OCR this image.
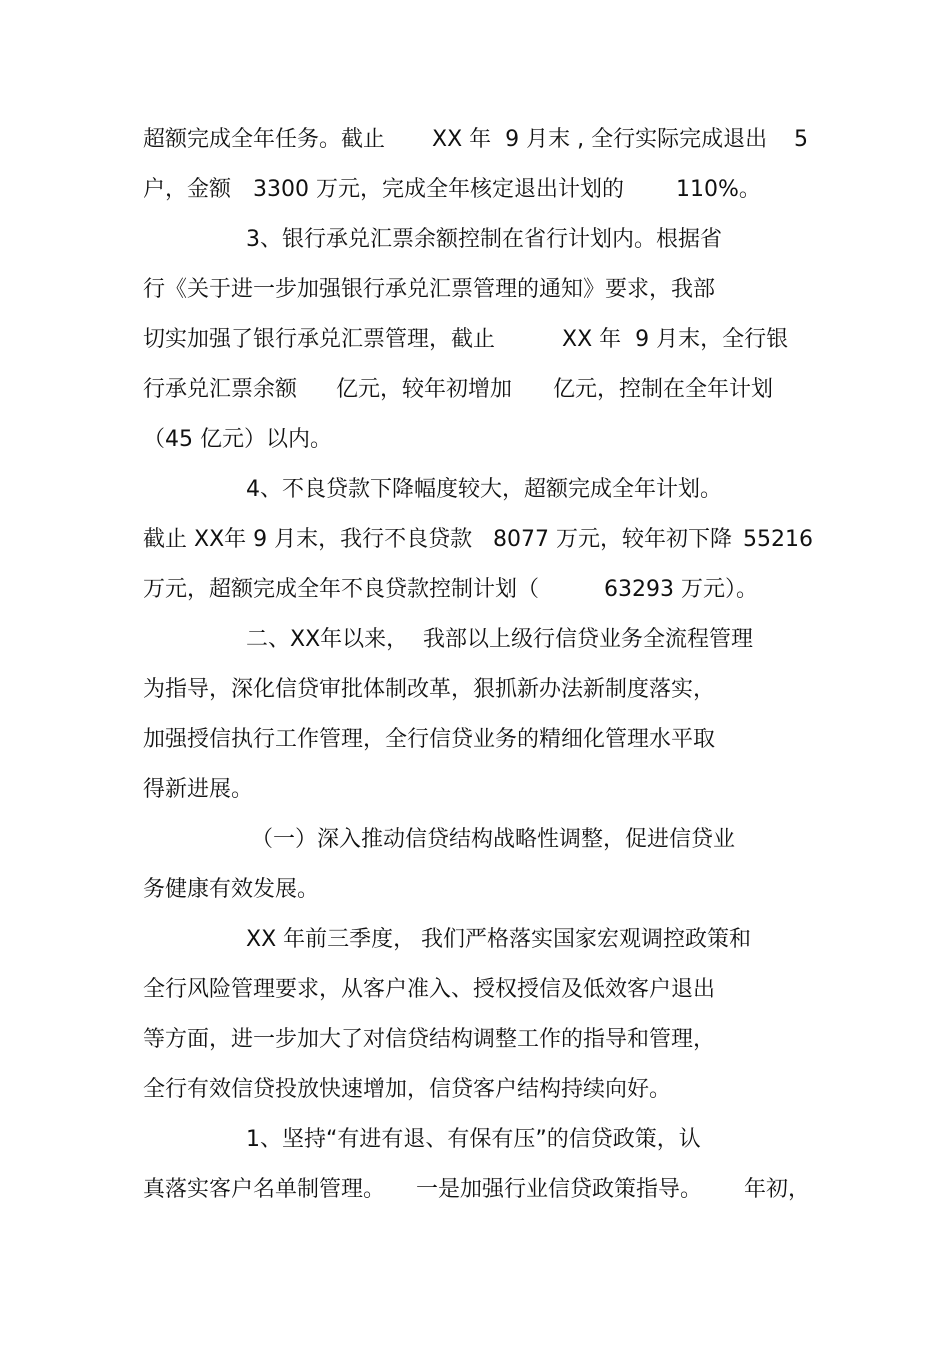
超额完成全年任务。截止

XX 年  9 月末 , 全行实际完成退出

5

户，金额

3300 万元，完成全年核定退出计划的

110%。

3、银行承兑汇票余额控制在省行计划内。根据省

行《关于进一步加强银行承兑汇票管理的通知》要求，我部

切实加强了银行承兑汇票管理，截止

	XX 年  9 月末，全行银

行承兑汇票余额

亿元，较年初增加

亿元，控制在全年计划

（45 亿元）以内。

4、不良贷款下降幅度较大，超额完成全年计划。

截止 XX年 9 月末，我行不良贷款

8077 万元，较年初下降

55216

万元，超额完成全年不良贷款控制计划（

	63293 万元）。

二、XX年以来，

我部以上级行信贷业务全流程管理

为指导，深化信贷审批体制改革，狠抓新办法新制度落实，

加强授信执行工作管理，全行信贷业务的精细化管理水平取

得新进展。

（一）深入推动信贷结构战略性调整，促进信贷业

务健康有效发展。

XX 年前三季度，

我们严格落实国家宏观调控政策和

全行风险管理要求，从客户准入、授权授信及低效客户退出

等方面，进一步加大了对信贷结构调整工作的指导和管理，

全行有效信贷投放快速增加，信贷客户结构持续向好。

1、坚持“有进有退、有保有压”的信贷政策，认

真落实客户名单制管理。

一是加强行业信贷政策指导。

年初，
